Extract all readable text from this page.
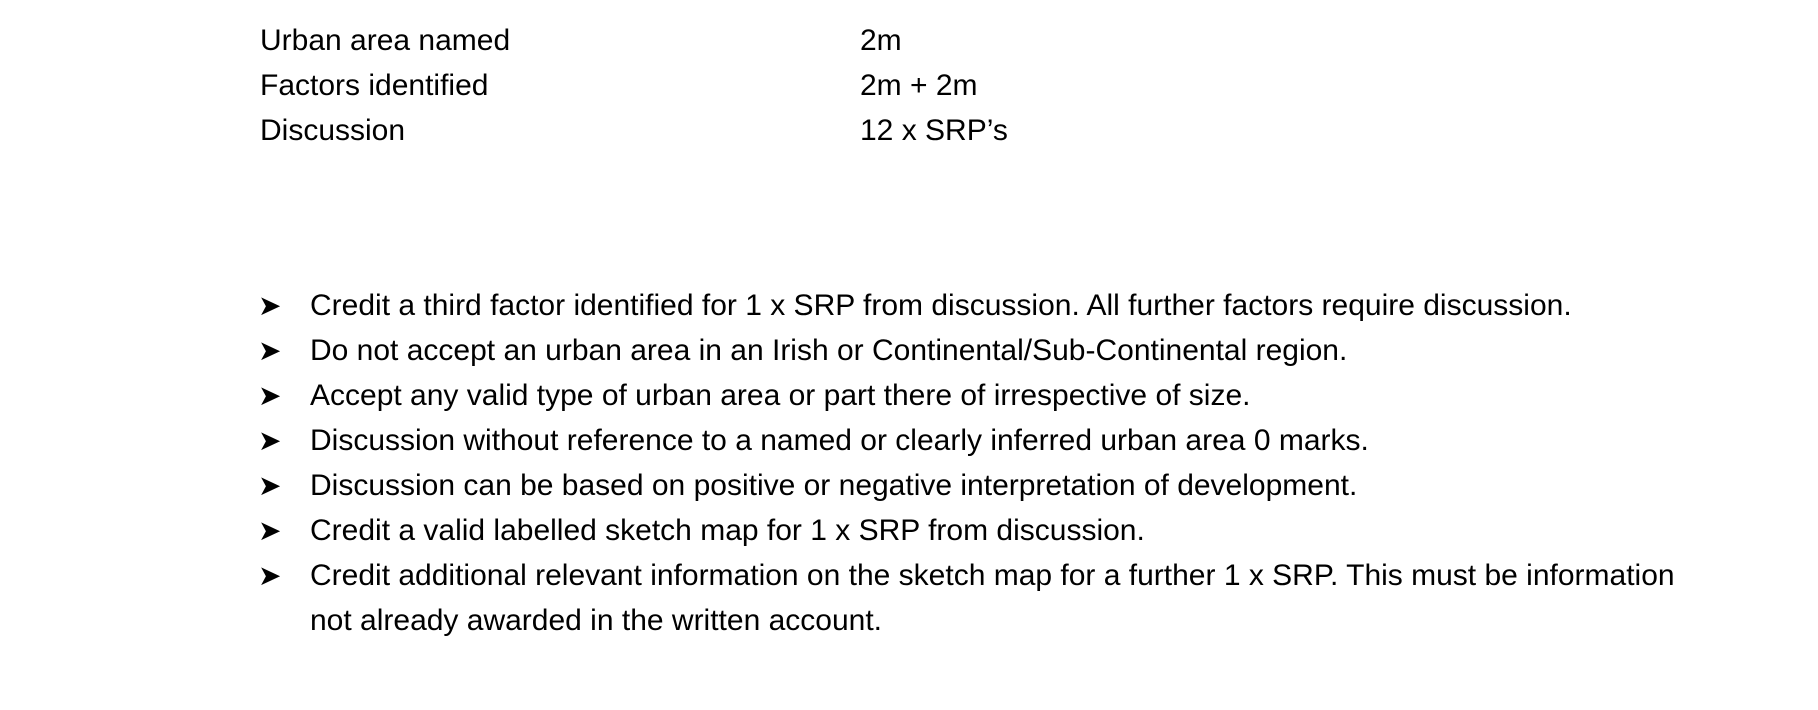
Urban area named	2m
Factors identified	2m + 2m
Discussion	12 x SRP’s
➤ Credit a third factor identified for 1 x SRP from discussion. All further factors require discussion.
➤ Do not accept an urban area in an Irish or Continental/Sub-Continental region.
➤ Accept any valid type of urban area or part there of irrespective of size.
➤ Discussion without reference to a named or clearly inferred urban area 0 marks.
➤ Discussion can be based on positive or negative interpretation of development.
➤ Credit a valid labelled sketch map for 1 x SRP from discussion.
➤ Credit additional relevant information on the sketch map for a further 1 x SRP. This must be information not already awarded in the written account.
